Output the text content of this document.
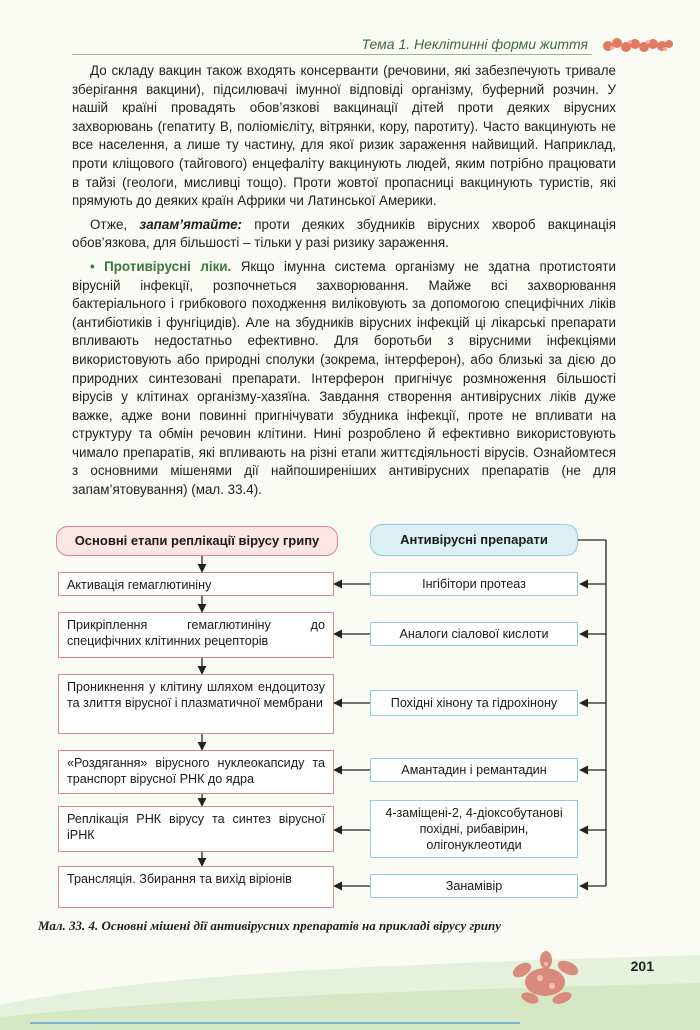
Тема 1. Неклітинні форми життя

До складу вакцин також входять консерванти (речовини, які забезпечують тривале зберігання вакцини), підсилювачі імунної відповіді організму, буферний розчин. У нашій країні провадять обов’язкові вакцинації дітей проти деяких вірусних захворювань (гепатиту В, поліомієліту, вітрянки, кору, паротиту). Часто вакцинують не все населення, а лише ту частину, для якої ризик зараження найвищий. Наприклад, проти кліщового (тайгового) енцефаліту вакцинують людей, яким потрібно працювати в тайзі (геологи, мисливці тощо). Проти жовтої пропасниці вакцинують туристів, які прямують до деяких країн Африки чи Латинської Америки.

Отже, запам’ятайте: проти деяких збудників вірусних хвороб вакцинація обов’язкова, для більшості – тільки у разі ризику зараження.

• Противірусні ліки. Якщо імунна система організму не здатна протистояти вірусній інфекції, розпочнеться захворювання. Майже всі захворювання бактеріального і грибкового походження виліковують за допомогою специфічних ліків (антибіотиків і фунгіцидів). Але на збудників вірусних інфекцій ці лікарські препарати впливають недостатньо ефективно. Для боротьби з вірусними інфекціями використовують або природні сполуки (зокрема, інтерферон), або близькі за дією до природних синтезовані препарати. Інтерферон пригнічує розмноження більшості вірусів у клітинах організму-хазяїна. Завдання створення антивірусних ліків дуже важке, адже вони повинні пригнічувати збудника інфекції, проте не впливати на структуру та обмін речовин клітини. Нині розроблено й ефективно використовують чимало препаратів, які впливають на різні етапи життєдіяльності вірусів. Ознайомтеся з основними мішенями дії найпоширеніших антивірусних препаратів (не для запам’ятовування) (мал. 33.4).

Основні етапи реплікації вірусу грипу
Активація гемаглютиніну
Прикріплення гемаглютиніну до специфічних клітинних рецепторів
Проникнення у клітину шляхом ендоцитозу та злиття вірусної і плазматичної мембрани
«Роздягання» вірусного нуклеокапсиду та транспорт вірусної РНК до ядра
Реплікація РНК вірусу та синтез вірусної іРНК
Трансляція. Збирання та вихід віріонів
Антивірусні препарати
Інгібітори протеаз
Аналоги сіалової кислоти
Похідні хінону та гідрохінону
Амантадин і ремантадин
4-заміщені-2, 4-діоксобутанові похідні, рибавірин, олігонуклеотиди
Занамівір
Мал. 33. 4. Основні мішені дії антивірусних препаратів на прикладі вірусу грипу
201
